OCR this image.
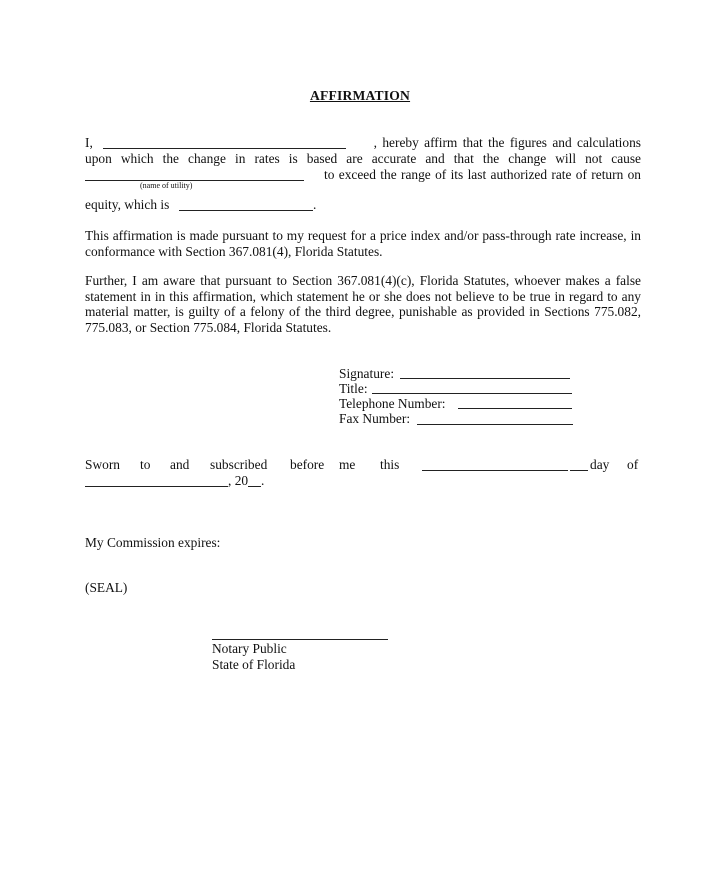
AFFIRMATION
I,	, hereby affirm that the figures and calculations
upon which the change in rates is based are accurate and that the change will not cause
(name of utility)
to exceed the range of its last authorized rate of return on
equity, which is	.
This affirmation is made pursuant to my request for a price index and/or pass-through rate increase, in conformance with Section 367.081(4), Florida Statutes.
Further, I am aware that pursuant to Section 367.081(4)(c), Florida Statutes, whoever makes a false statement in in this affirmation, which statement he or she does not believe to be true in regard to any material matter, is guilty of a felony of the third degree, punishable as provided in Sections 775.082, 775.083, or Section 775.084, Florida Statutes.
Signature:
Title:
Telephone Number:
Fax Number:
Sworn to and subscribed before me this	day of
, 20 .
My Commission expires:
(SEAL)
Notary Public
State of Florida
